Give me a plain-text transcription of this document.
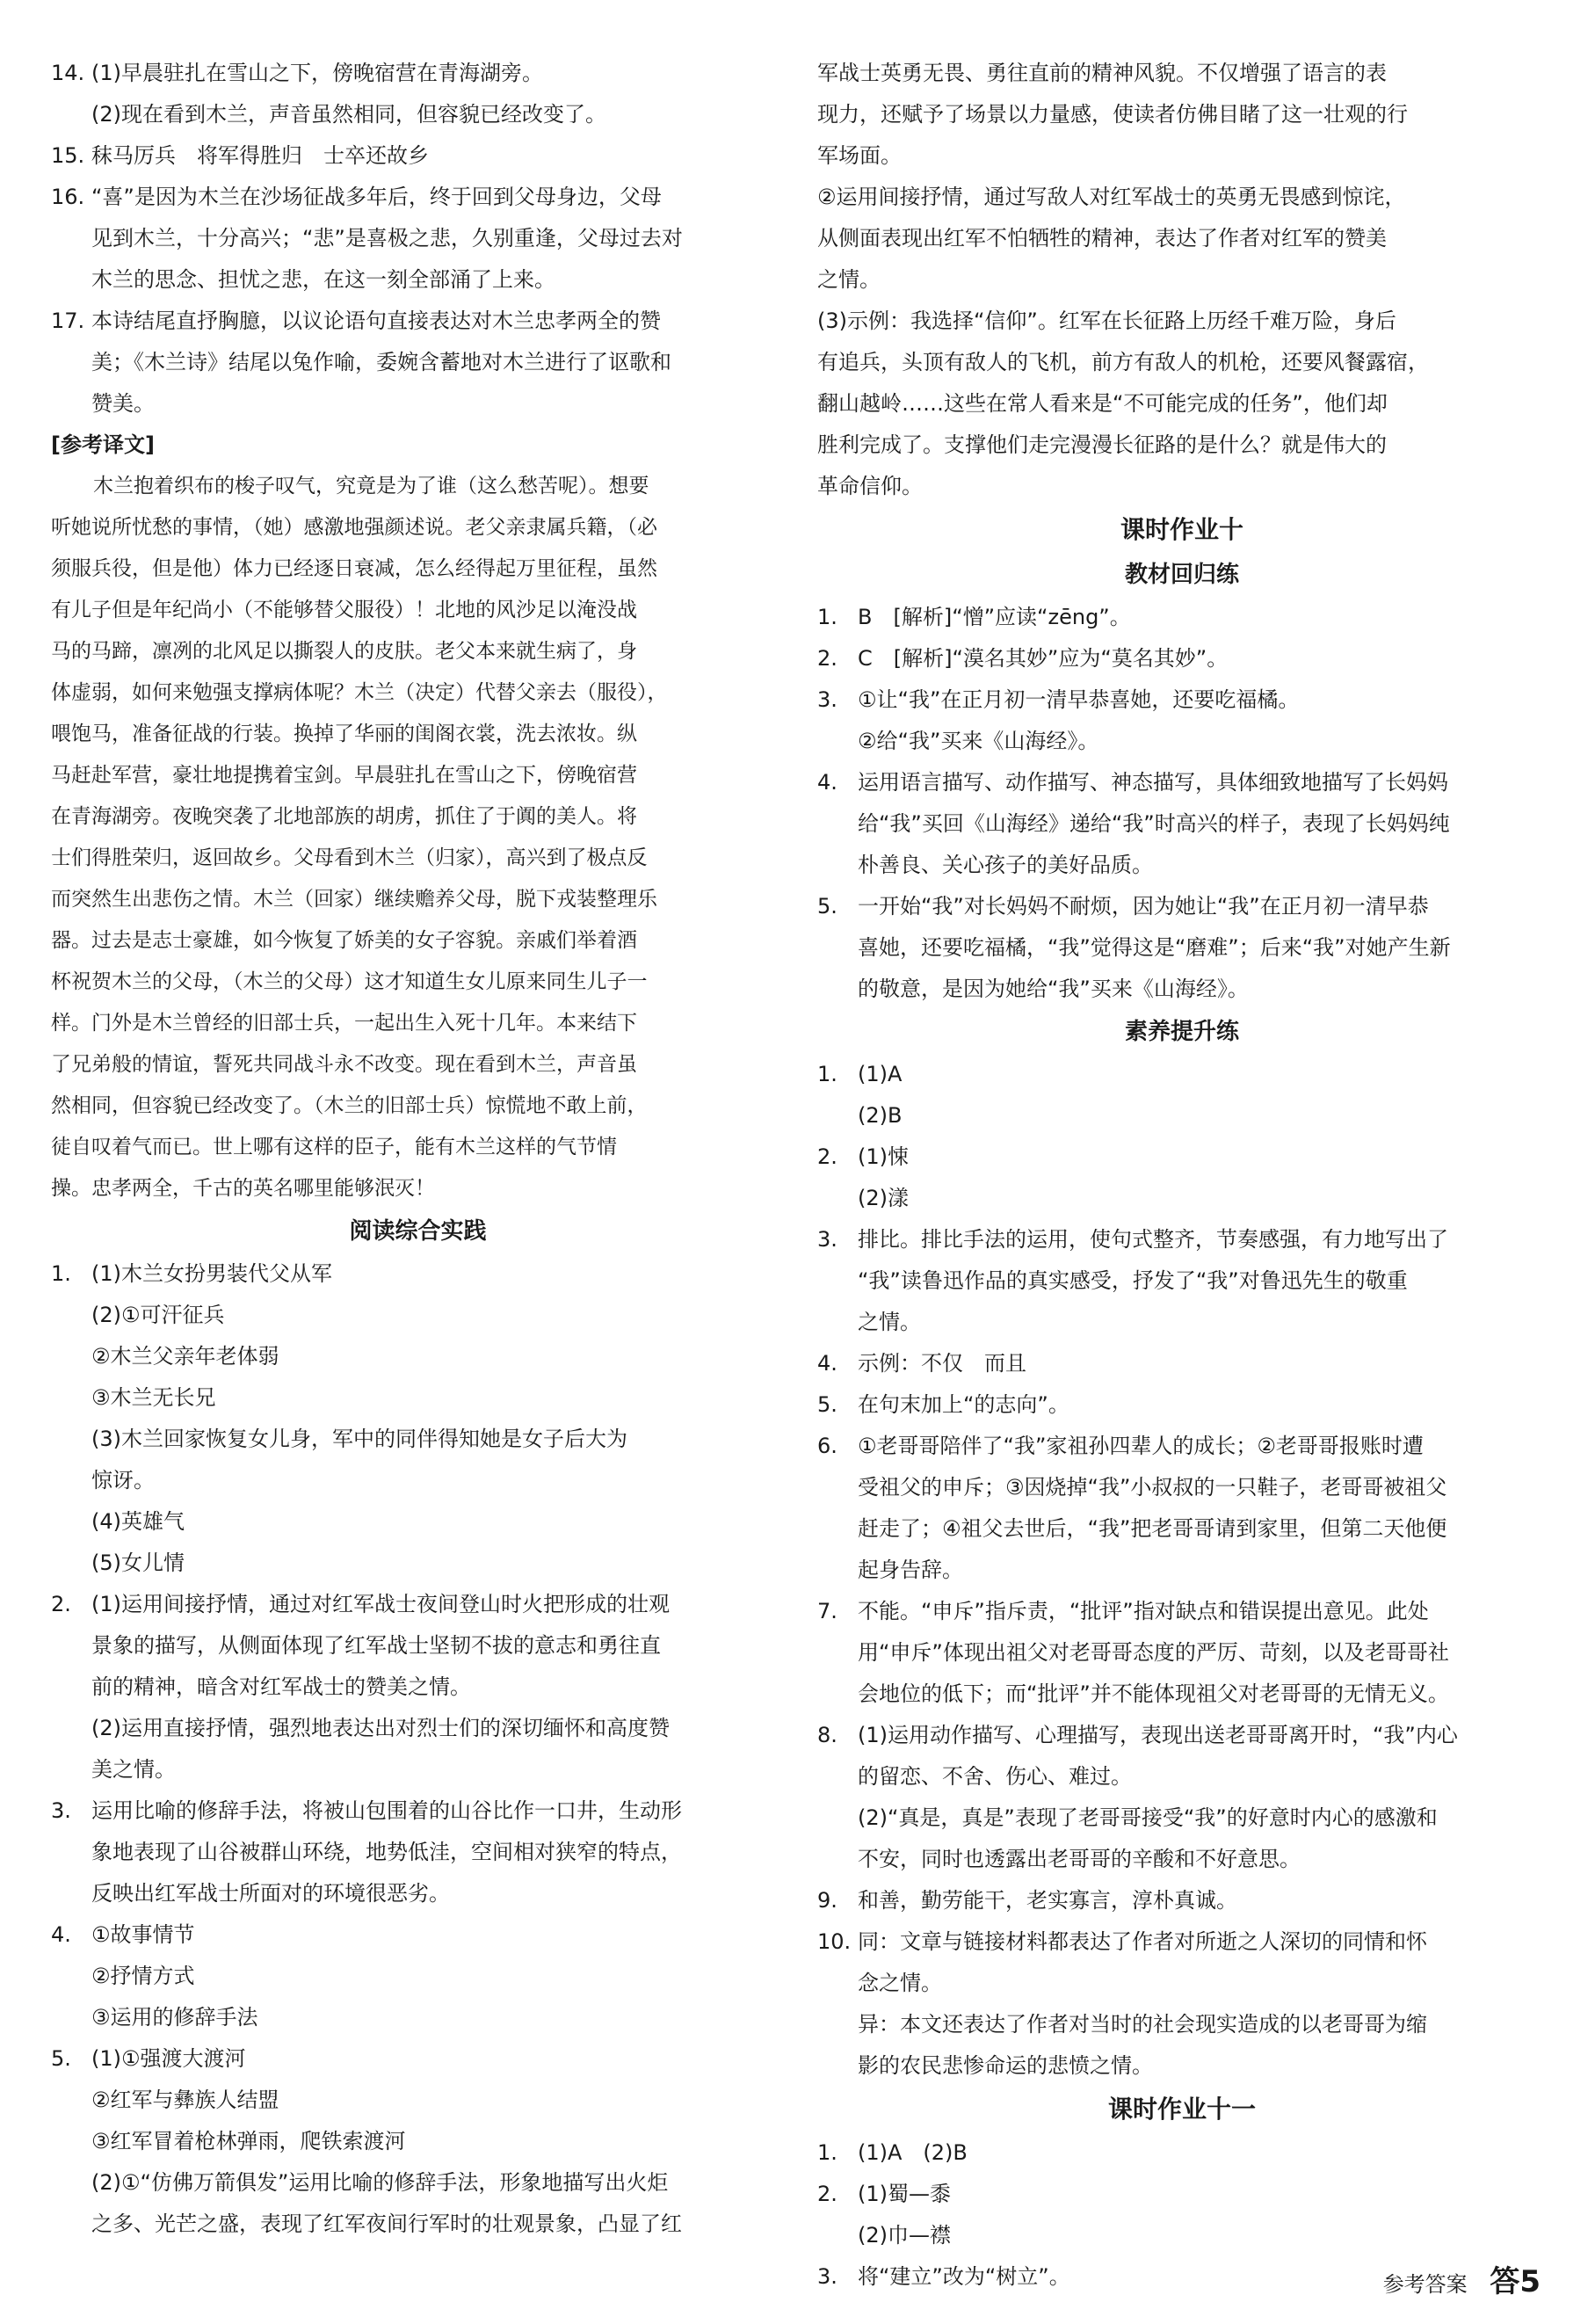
14. (1)早晨驻扎在雪山之下，傍晚宿营在青海湖旁。
(2)现在看到木兰，声音虽然相同，但容貌已经改变了。
15. 秣马厉兵　将军得胜归　士卒还故乡
16. “喜”是因为木兰在沙场征战多年后，终于回到父母身边，父母
见到木兰，十分高兴；“悲”是喜极之悲，久别重逢，父母过去对
木兰的思念、担忧之悲，在这一刻全部涌了上来。
17. 本诗结尾直抒胸臆，以议论语句直接表达对木兰忠孝两全的赞
美；《木兰诗》结尾以兔作喻，委婉含蓄地对木兰进行了讴歌和
赞美。
[参考译文]
木兰抱着织布的梭子叹气，究竟是为了谁（这么愁苦呢）。想要
听她说所忧愁的事情，（她）感激地强颜述说。老父亲隶属兵籍，（必
须服兵役，但是他）体力已经逐日衰减，怎么经得起万里征程，虽然
有儿子但是年纪尚小（不能够替父服役）！北地的风沙足以淹没战
马的马蹄，凛冽的北风足以撕裂人的皮肤。老父本来就生病了，身
体虚弱，如何来勉强支撑病体呢？木兰（决定）代替父亲去（服役），
喂饱马，准备征战的行装。换掉了华丽的闺阁衣裳，洗去浓妆。纵
马赶赴军营，豪壮地提携着宝剑。早晨驻扎在雪山之下，傍晚宿营
在青海湖旁。夜晚突袭了北地部族的胡虏，抓住了于阗的美人。将
士们得胜荣归，返回故乡。父母看到木兰（归家），高兴到了极点反
而突然生出悲伤之情。木兰（回家）继续赡养父母，脱下戎装整理乐
器。过去是志士豪雄，如今恢复了娇美的女子容貌。亲戚们举着酒
杯祝贺木兰的父母，（木兰的父母）这才知道生女儿原来同生儿子一
样。门外是木兰曾经的旧部士兵，一起出生入死十几年。本来结下
了兄弟般的情谊，誓死共同战斗永不改变。现在看到木兰，声音虽
然相同，但容貌已经改变了。（木兰的旧部士兵）惊慌地不敢上前，
徒自叹着气而已。世上哪有这样的臣子，能有木兰这样的气节情
操。忠孝两全，千古的英名哪里能够泯灭！
阅读综合实践
1. (1)木兰女扮男装代父从军
(2)①可汗征兵
②木兰父亲年老体弱
③木兰无长兄
(3)木兰回家恢复女儿身，军中的同伴得知她是女子后大为
惊讶。
(4)英雄气
(5)女儿情
2. (1)运用间接抒情，通过对红军战士夜间登山时火把形成的壮观
景象的描写，从侧面体现了红军战士坚韧不拔的意志和勇往直
前的精神，暗含对红军战士的赞美之情。
(2)运用直接抒情，强烈地表达出对烈士们的深切缅怀和高度赞
美之情。
3. 运用比喻的修辞手法，将被山包围着的山谷比作一口井，生动形
象地表现了山谷被群山环绕，地势低洼，空间相对狭窄的特点，
反映出红军战士所面对的环境很恶劣。
4. ①故事情节
②抒情方式
③运用的修辞手法
5. (1)①强渡大渡河
②红军与彝族人结盟
③红军冒着枪林弹雨，爬铁索渡河
(2)①“仿佛万箭俱发”运用比喻的修辞手法，形象地描写出火炬
之多、光芒之盛，表现了红军夜间行军时的壮观景象，凸显了红
军战士英勇无畏、勇往直前的精神风貌。不仅增强了语言的表
现力，还赋予了场景以力量感，使读者仿佛目睹了这一壮观的行
军场面。
②运用间接抒情，通过写敌人对红军战士的英勇无畏感到惊诧，
从侧面表现出红军不怕牺牲的精神，表达了作者对红军的赞美
之情。
(3)示例：我选择“信仰”。红军在长征路上历经千难万险，身后
有追兵，头顶有敌人的飞机，前方有敌人的机枪，还要风餐露宿，
翻山越岭……这些在常人看来是“不可能完成的任务”，他们却
胜利完成了。支撑他们走完漫漫长征路的是什么？就是伟大的
革命信仰。
课时作业十
教材回归练
1. B　[解析]“憎”应读“zēng”。
2. C　[解析]“漠名其妙”应为“莫名其妙”。
3. ①让“我”在正月初一清早恭喜她，还要吃福橘。
②给“我”买来《山海经》。
4. 运用语言描写、动作描写、神态描写，具体细致地描写了长妈妈
给“我”买回《山海经》递给“我”时高兴的样子，表现了长妈妈纯
朴善良、关心孩子的美好品质。
5. 一开始“我”对长妈妈不耐烦，因为她让“我”在正月初一清早恭
喜她，还要吃福橘，“我”觉得这是“磨难”；后来“我”对她产生新
的敬意，是因为她给“我”买来《山海经》。
素养提升练
1. (1)A
(2)B
2. (1)悚
(2)漾
3. 排比。排比手法的运用，使句式整齐，节奏感强，有力地写出了
“我”读鲁迅作品的真实感受，抒发了“我”对鲁迅先生的敬重
之情。
4. 示例：不仅　而且
5. 在句末加上“的志向”。
6. ①老哥哥陪伴了“我”家祖孙四辈人的成长；②老哥哥报账时遭
受祖父的申斥；③因烧掉“我”小叔叔的一只鞋子，老哥哥被祖父
赶走了；④祖父去世后，“我”把老哥哥请到家里，但第二天他便
起身告辞。
7. 不能。“申斥”指斥责，“批评”指对缺点和错误提出意见。此处
用“申斥”体现出祖父对老哥哥态度的严厉、苛刻，以及老哥哥社
会地位的低下；而“批评”并不能体现祖父对老哥哥的无情无义。
8. (1)运用动作描写、心理描写，表现出送老哥哥离开时，“我”内心
的留恋、不舍、伤心、难过。
(2)“真是，真是”表现了老哥哥接受“我”的好意时内心的感激和
不安，同时也透露出老哥哥的辛酸和不好意思。
9. 和善，勤劳能干，老实寡言，淳朴真诚。
10. 同：文章与链接材料都表达了作者对所逝之人深切的同情和怀
念之情。
异：本文还表达了作者对当时的社会现实造成的以老哥哥为缩
影的农民悲惨命运的悲愤之情。
课时作业十一
1. (1)A　(2)B
2. (1)蜀—黍
(2)巾—襟
3. 将“建立”改为“树立”。	参考答案 答5
